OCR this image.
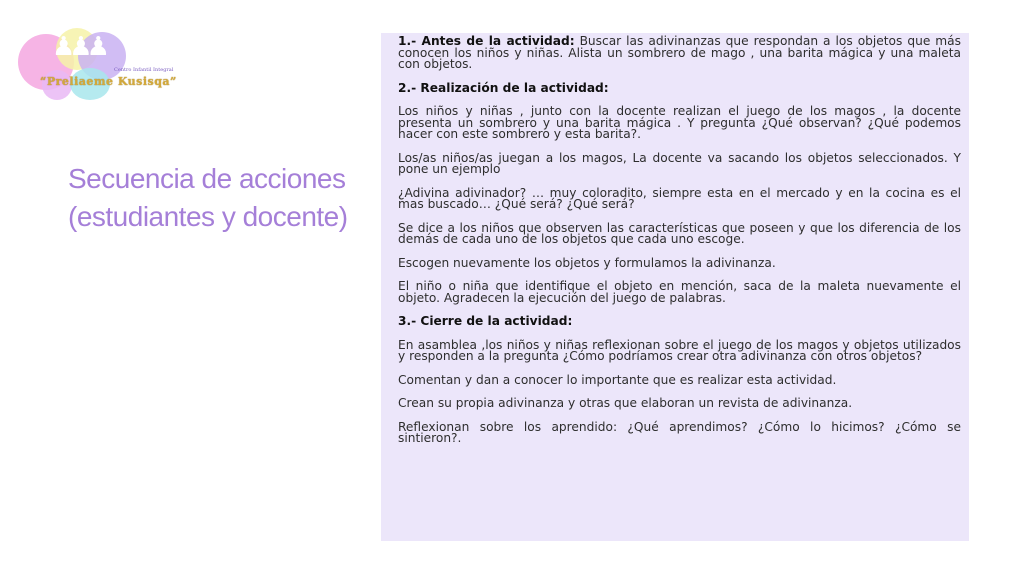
♟♟♟
Centro Infantil Integral
“Preliaeme Kusisqa”
Secuencia de acciones
(estudiantes y docente)

1.- Antes de la actividad: Buscar las adivinanzas que respondan a los objetos que más conocen los niños y niñas. Alista un sombrero de mago , una barita mágica y una maleta con objetos.

2.- Realización de la actividad:

Los niños y niñas , junto con la docente realizan el juego de los magos , la docente presenta un sombrero y una barita mágica . Y pregunta ¿Qué observan? ¿Qué podemos hacer con este sombrero y esta barita?.

Los/as niños/as juegan a los magos, La docente va sacando los objetos seleccionados. Y pone un ejemplo

¿Adivina adivinador? … muy coloradito, siempre esta en el mercado y en la cocina es el mas buscado… ¿Qué será? ¿Qué será?

Se dice a los niños que observen las características que poseen y que los diferencia de los demás de cada uno de los objetos que cada uno escoge.

Escogen nuevamente los objetos y formulamos la adivinanza.

El niño o niña que identifique el objeto en mención, saca de la maleta nuevamente el objeto. Agradecen la ejecución del juego de palabras.

3.- Cierre de la actividad:

En asamblea ,los niños y niñas reflexionan sobre el juego de los magos y objetos utilizados y responden a la pregunta ¿Cómo podríamos crear otra adivinanza con otros objetos?

Comentan y dan a conocer lo importante que es realizar esta actividad.

Crean su propia adivinanza y otras que elaboran un revista de adivinanza.

Reflexionan sobre los aprendido: ¿Qué aprendimos? ¿Cómo lo hicimos? ¿Cómo se sintieron?.
